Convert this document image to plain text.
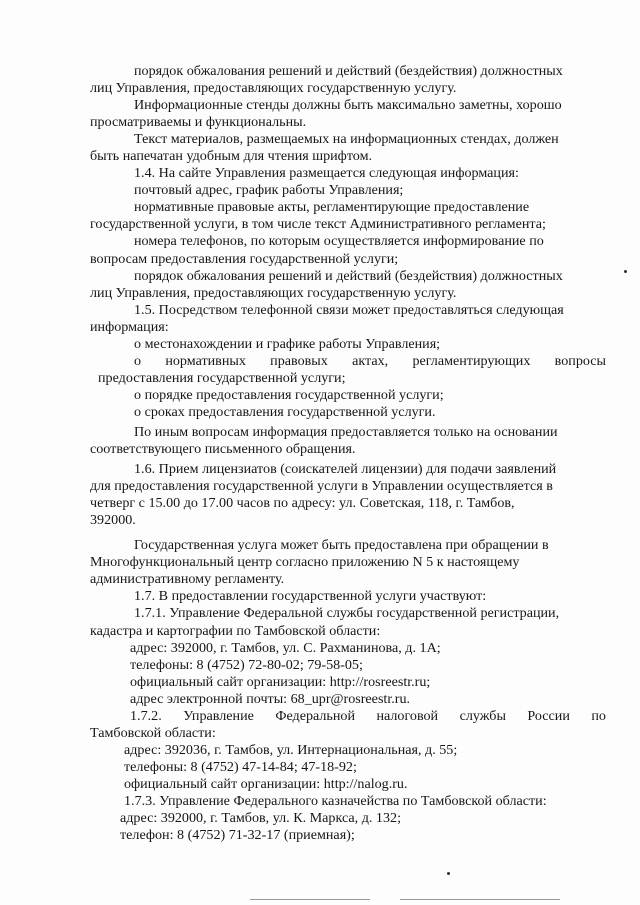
порядок обжалования решений и действий (бездействия) должностных

лиц Управления, предоставляющих государственную услугу.

Информационные стенды должны быть максимально заметны, хорошо

просматриваемы и функциональны.

Текст материалов, размещаемых на информационных стендах, должен

быть напечатан удобным для чтения шрифтом.

1.4. На сайте Управления размещается следующая информация:

почтовый адрес, график работы Управления;

нормативные правовые акты, регламентирующие предоставление

государственной услуги, в том числе текст Административного регламента;

номера телефонов, по которым осуществляется информирование по

вопросам предоставления государственной услуги;

порядок обжалования решений и действий (бездействия) должностных

лиц Управления, предоставляющих государственную услугу.

1.5. Посредством телефонной связи может предоставляться следующая

информация:

о местонахождении и графике работы Управления;

о нормативных правовых актах, регламентирующих вопросы

предоставления государственной услуги;

о порядке предоставления государственной услуги;

о сроках предоставления государственной услуги.

По иным вопросам информация предоставляется только на основании

соответствующего письменного обращения.

1.6. Прием лицензиатов (соискателей лицензии) для подачи заявлений

для предоставления государственной услуги в Управлении осуществляется в

четверг с 15.00 до 17.00 часов по адресу: ул. Советская, 118, г. Тамбов,

392000.

Государственная услуга может быть предоставлена при обращении в

Многофункциональный центр согласно приложению N 5 к настоящему

административному регламенту.

1.7. В предоставлении государственной услуги участвуют:

1.7.1. Управление Федеральной службы государственной регистрации,

кадастра и картографии по Тамбовской области:

адрес: 392000, г. Тамбов, ул. С. Рахманинова, д. 1А;

телефоны: 8 (4752) 72-80-02; 79-58-05;

официальный сайт организации: http://rosreestr.ru;

адрес электронной почты: 68_upr@rosreestr.ru.

1.7.2. Управление Федеральной налоговой службы России по

Тамбовской области:

адрес: 392036, г. Тамбов, ул. Интернациональная, д. 55;

телефоны: 8 (4752) 47-14-84; 47-18-92;

официальный сайт организации: http://nalog.ru.

1.7.3. Управление Федерального казначейства по Тамбовской области:

адрес: 392000, г. Тамбов, ул. К. Маркса, д. 132;

телефон: 8 (4752) 71-32-17 (приемная);
